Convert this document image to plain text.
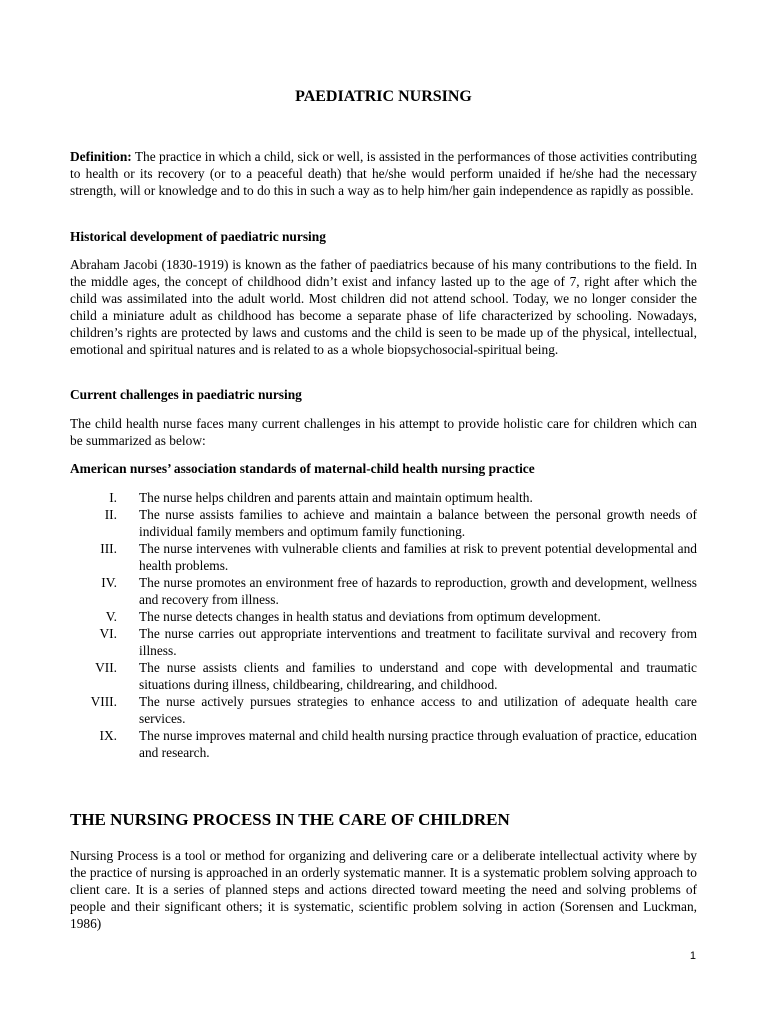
PAEDIATRIC NURSING

Definition: The practice in which a child, sick or well, is assisted in the performances of those activities contributing to health or its recovery (or to a peaceful death) that he/she would perform unaided if he/she had the necessary strength, will or knowledge and to do this in such a way as to help him/her gain independence as rapidly as possible.

Historical development of paediatric nursing

Abraham Jacobi (1830-1919) is known as the father of paediatrics because of his many contributions to the field. In the middle ages, the concept of childhood didn’t exist and infancy lasted up to the age of 7, right after which the child was assimilated into the adult world. Most children did not attend school. Today, we no longer consider the child a miniature adult as childhood has become a separate phase of life characterized by schooling. Nowadays, children’s rights are protected by laws and customs and the child is seen to be made up of the physical, intellectual, emotional and spiritual natures and is related to as a whole biopsychosocial-spiritual being.

Current challenges in paediatric nursing

The child health nurse faces many current challenges in his attempt to provide holistic care for children which can be summarized as below:

American nurses’ association standards of maternal-child health nursing practice

I. The nurse helps children and parents attain and maintain optimum health.
II. The nurse assists families to achieve and maintain a balance between the personal growth needs of individual family members and optimum family functioning.
III. The nurse intervenes with vulnerable clients and families at risk to prevent potential developmental and health problems.
IV. The nurse promotes an environment free of hazards to reproduction, growth and development, wellness and recovery from illness.
V. The nurse detects changes in health status and deviations from optimum development.
VI. The nurse carries out appropriate interventions and treatment to facilitate survival and recovery from illness.
VII. The nurse assists clients and families to understand and cope with developmental and traumatic situations during illness, childbearing, childrearing, and childhood.
VIII. The nurse actively pursues strategies to enhance access to and utilization of adequate health care services.
IX. The nurse improves maternal and child health nursing practice through evaluation of practice, education and research.
THE NURSING PROCESS IN THE CARE OF CHILDREN

Nursing Process is a tool or method for organizing and delivering care or a deliberate intellectual activity where by the practice of nursing is approached in an orderly systematic manner. It is a systematic problem solving approach to client care. It is a series of planned steps and actions directed toward meeting the need and solving problems of people and their significant others; it is systematic, scientific problem solving in action (Sorensen and Luckman, 1986)

1
